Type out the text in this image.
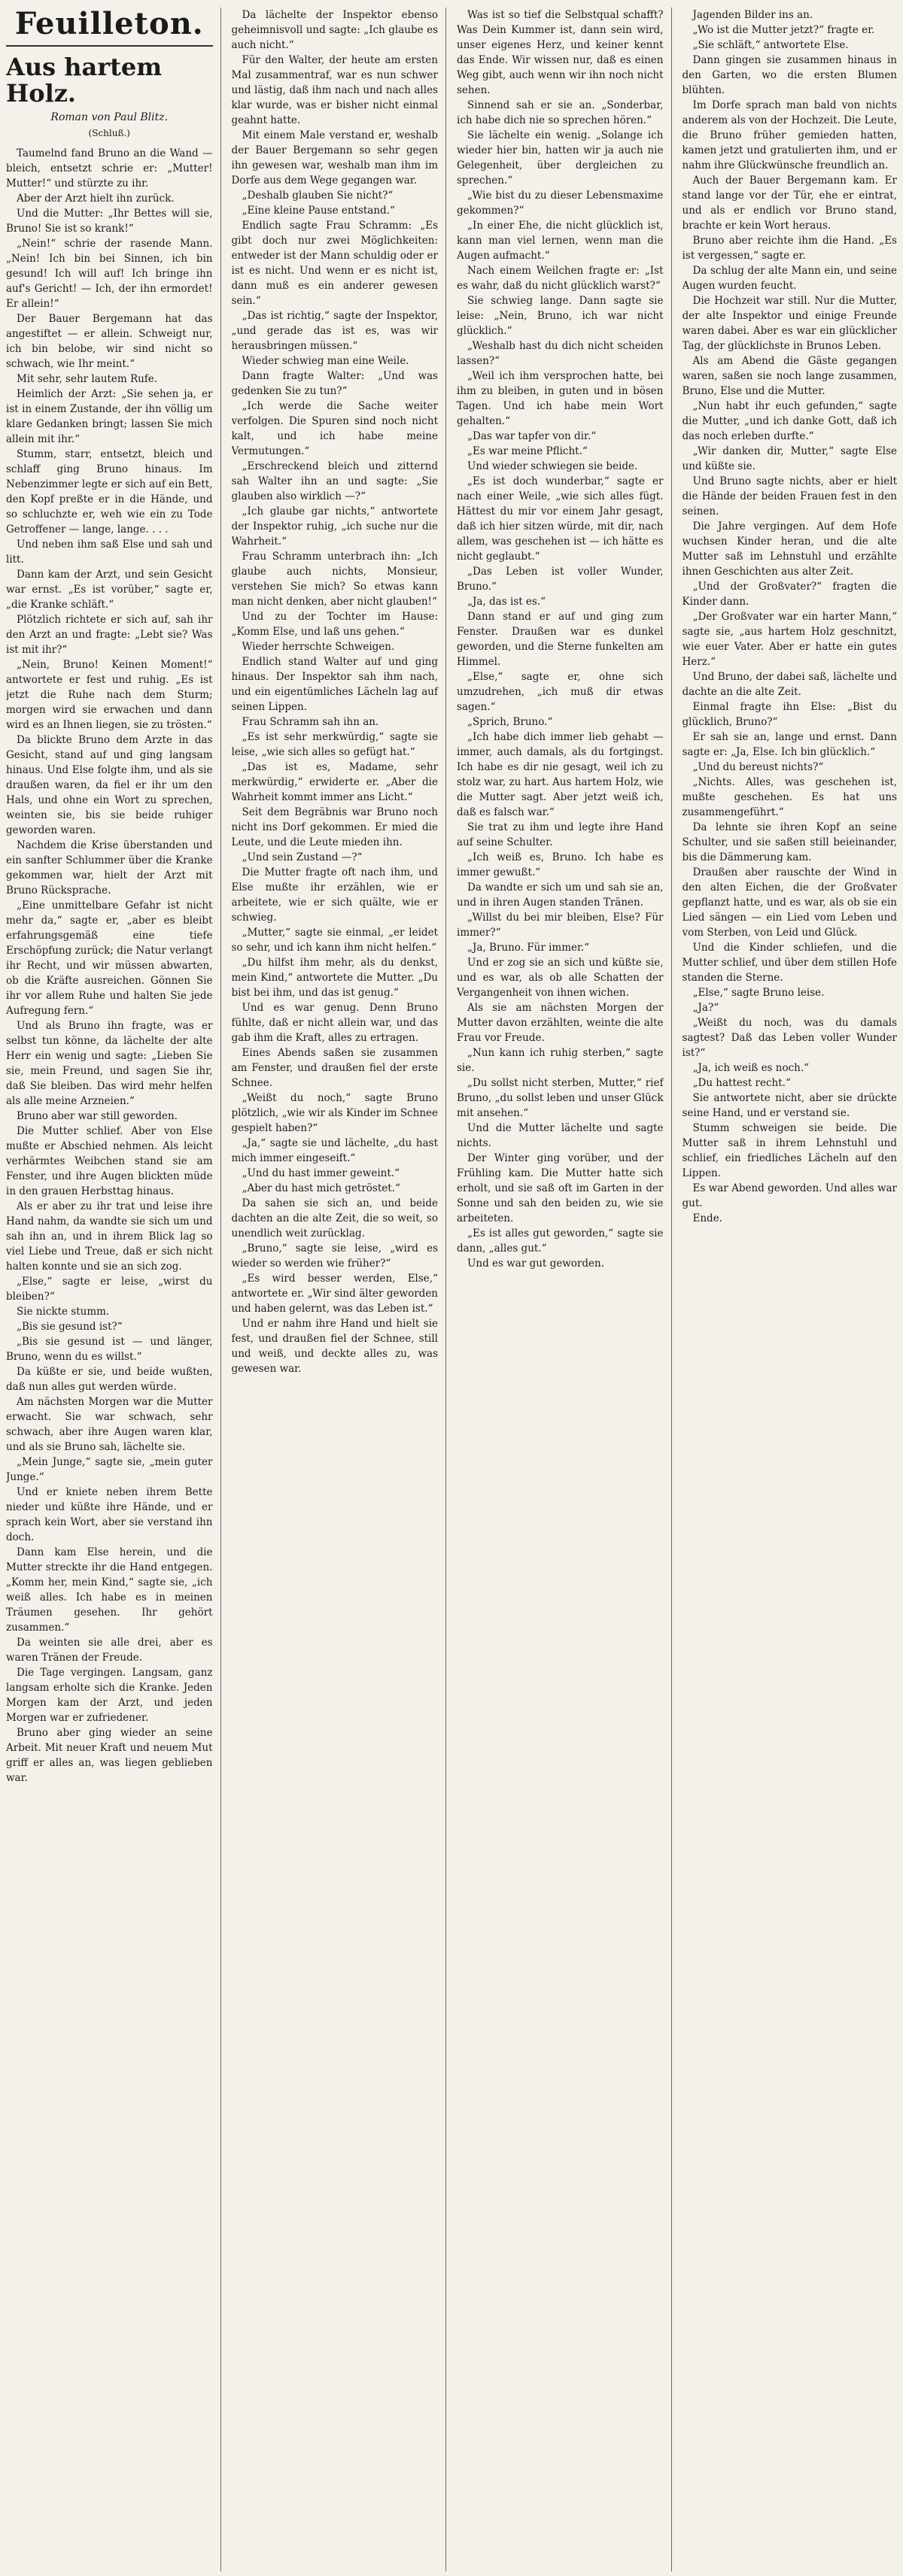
Feuilleton.
Aus hartem Holz.
Roman von Paul Blitz.
(Schluß.)

Taumelnd fand Bruno an die Wand — bleich, entsetzt schrie er: „Mutter! Mutter!“ und stürzte zu ihr.

Aber der Arzt hielt ihn zurück.

Und die Mutter: „Ihr Bettes will sie, Bruno! Sie ist so krank!“

„Nein!“ schrie der rasende Mann. „Nein! Ich bin bei Sinnen, ich bin gesund! Ich will auf! Ich bringe ihn auf's Gericht! — Ich, der ihn ermordet! Er allein!“

Der Bauer Bergemann hat das angestiftet — er allein. Schweigt nur, ich bin belobe, wir sind nicht so schwach, wie Ihr meint.“

Mit sehr, sehr lautem Rufe.

Heimlich der Arzt: „Sie sehen ja, er ist in einem Zustande, der ihn völlig um klare Gedanken bringt; lassen Sie mich allein mit ihr.“

Stumm, starr, entsetzt, bleich und schlaff ging Bruno hinaus. Im Nebenzimmer legte er sich auf ein Bett, den Kopf preßte er in die Hände, und so schluchzte er, weh wie ein zu Tode Getroffener — lange, lange. . . .

Und neben ihm saß Else und sah und litt.

Dann kam der Arzt, und sein Gesicht war ernst. „Es ist vorüber,“ sagte er, „die Kranke schläft.“

Plötzlich richtete er sich auf, sah ihr den Arzt an und fragte: „Lebt sie? Was ist mit ihr?“

„Nein, Bruno! Keinen Moment!“ antwortete er fest und ruhig. „Es ist jetzt die Ruhe nach dem Sturm; morgen wird sie erwachen und dann wird es an Ihnen liegen, sie zu trösten.“

Da blickte Bruno dem Arzte in das Gesicht, stand auf und ging langsam hinaus. Und Else folgte ihm, und als sie draußen waren, da fiel er ihr um den Hals, und ohne ein Wort zu sprechen, weinten sie, bis sie beide ruhiger geworden waren.

Nachdem die Krise überstanden und ein sanfter Schlummer über die Kranke gekommen war, hielt der Arzt mit Bruno Rücksprache.

„Eine unmittelbare Gefahr ist nicht mehr da,“ sagte er, „aber es bleibt erfahrungsgemäß eine tiefe Erschöpfung zurück; die Natur verlangt ihr Recht, und wir müssen abwarten, ob die Kräfte ausreichen. Gönnen Sie ihr vor allem Ruhe und halten Sie jede Aufregung fern.“

Und als Bruno ihn fragte, was er selbst tun könne, da lächelte der alte Herr ein wenig und sagte: „Lieben Sie sie, mein Freund, und sagen Sie ihr, daß Sie bleiben. Das wird mehr helfen als alle meine Arzneien.“

Bruno aber war still geworden.

Die Mutter schlief. Aber von Else mußte er Abschied nehmen. Als leicht verhärmtes Weibchen stand sie am Fenster, und ihre Augen blickten müde in den grauen Herbsttag hinaus.

Als er aber zu ihr trat und leise ihre Hand nahm, da wandte sie sich um und sah ihn an, und in ihrem Blick lag so viel Liebe und Treue, daß er sich nicht halten konnte und sie an sich zog.

„Else,“ sagte er leise, „wirst du bleiben?“

Sie nickte stumm.

„Bis sie gesund ist?“

„Bis sie gesund ist — und länger, Bruno, wenn du es willst.“

Da küßte er sie, und beide wußten, daß nun alles gut werden würde.

Am nächsten Morgen war die Mutter erwacht. Sie war schwach, sehr schwach, aber ihre Augen waren klar, und als sie Bruno sah, lächelte sie.

„Mein Junge,“ sagte sie, „mein guter Junge.“

Und er kniete neben ihrem Bette nieder und küßte ihre Hände, und er sprach kein Wort, aber sie verstand ihn doch.

Dann kam Else herein, und die Mutter streckte ihr die Hand entgegen. „Komm her, mein Kind,“ sagte sie, „ich weiß alles. Ich habe es in meinen Träumen gesehen. Ihr gehört zusammen.“

Da weinten sie alle drei, aber es waren Tränen der Freude.

Die Tage vergingen. Langsam, ganz langsam erholte sich die Kranke. Jeden Morgen kam der Arzt, und jeden Morgen war er zufriedener.

Bruno aber ging wieder an seine Arbeit. Mit neuer Kraft und neuem Mut griff er alles an, was liegen geblieben war.

Da lächelte der Inspektor ebenso geheimnisvoll und sagte: „Ich glaube es auch nicht.“

Für den Walter, der heute am ersten Mal zusammentraf, war es nun schwer und lästig, daß ihm nach und nach alles klar wurde, was er bisher nicht einmal geahnt hatte.

Mit einem Male verstand er, weshalb der Bauer Bergemann so sehr gegen ihn gewesen war, weshalb man ihm im Dorfe aus dem Wege gegangen war.

„Deshalb glauben Sie nicht?“

„Eine kleine Pause entstand.“

Endlich sagte Frau Schramm: „Es gibt doch nur zwei Möglichkeiten: entweder ist der Mann schuldig oder er ist es nicht. Und wenn er es nicht ist, dann muß es ein anderer gewesen sein.“

„Das ist richtig,“ sagte der Inspektor, „und gerade das ist es, was wir herausbringen müssen.“

Wieder schwieg man eine Weile.

Dann fragte Walter: „Und was gedenken Sie zu tun?“

„Ich werde die Sache weiter verfolgen. Die Spuren sind noch nicht kalt, und ich habe meine Vermutungen.“

„Erschreckend bleich und zitternd sah Walter ihn an und sagte: „Sie glauben also wirklich —?“

„Ich glaube gar nichts,“ antwortete der Inspektor ruhig, „ich suche nur die Wahrheit.“

Frau Schramm unterbrach ihn: „Ich glaube auch nichts, Monsieur, verstehen Sie mich? So etwas kann man nicht denken, aber nicht glauben!“

Und zu der Tochter im Hause: „Komm Else, und laß uns gehen.“

Wieder herrschte Schweigen.

Endlich stand Walter auf und ging hinaus. Der Inspektor sah ihm nach, und ein eigentümliches Lächeln lag auf seinen Lippen.

Frau Schramm sah ihn an.

„Es ist sehr merkwürdig,“ sagte sie leise, „wie sich alles so gefügt hat.“

„Das ist es, Madame, sehr merkwürdig,“ erwiderte er. „Aber die Wahrheit kommt immer ans Licht.“

Seit dem Begräbnis war Bruno noch nicht ins Dorf gekommen. Er mied die Leute, und die Leute mieden ihn.

„Und sein Zustand —?“

Die Mutter fragte oft nach ihm, und Else mußte ihr erzählen, wie er arbeitete, wie er sich quälte, wie er schwieg.

„Mutter,“ sagte sie einmal, „er leidet so sehr, und ich kann ihm nicht helfen.“

„Du hilfst ihm mehr, als du denkst, mein Kind,“ antwortete die Mutter. „Du bist bei ihm, und das ist genug.“

Und es war genug. Denn Bruno fühlte, daß er nicht allein war, und das gab ihm die Kraft, alles zu ertragen.

Eines Abends saßen sie zusammen am Fenster, und draußen fiel der erste Schnee.

„Weißt du noch,“ sagte Bruno plötzlich, „wie wir als Kinder im Schnee gespielt haben?“

„Ja,“ sagte sie und lächelte, „du hast mich immer eingeseift.“

„Und du hast immer geweint.“

„Aber du hast mich getröstet.“

Da sahen sie sich an, und beide dachten an die alte Zeit, die so weit, so unendlich weit zurücklag.

„Bruno,“ sagte sie leise, „wird es wieder so werden wie früher?“

„Es wird besser werden, Else,“ antwortete er. „Wir sind älter geworden und haben gelernt, was das Leben ist.“

Und er nahm ihre Hand und hielt sie fest, und draußen fiel der Schnee, still und weiß, und deckte alles zu, was gewesen war.

Was ist so tief die Selbstqual schafft? Was Dein Kummer ist, dann sein wird, unser eigenes Herz, und keiner kennt das Ende. Wir wissen nur, daß es einen Weg gibt, auch wenn wir ihn noch nicht sehen.

Sinnend sah er sie an. „Sonderbar, ich habe dich nie so sprechen hören.“

Sie lächelte ein wenig. „Solange ich wieder hier bin, hatten wir ja auch nie Gelegenheit, über dergleichen zu sprechen.“

„Wie bist du zu dieser Lebensmaxime gekommen?“

„In einer Ehe, die nicht glücklich ist, kann man viel lernen, wenn man die Augen aufmacht.“

Nach einem Weilchen fragte er: „Ist es wahr, daß du nicht glücklich warst?“

Sie schwieg lange. Dann sagte sie leise: „Nein, Bruno, ich war nicht glücklich.“

„Weshalb hast du dich nicht scheiden lassen?“

„Weil ich ihm versprochen hatte, bei ihm zu bleiben, in guten und in bösen Tagen. Und ich habe mein Wort gehalten.“

„Das war tapfer von dir.“

„Es war meine Pflicht.“

Und wieder schwiegen sie beide.

„Es ist doch wunderbar,“ sagte er nach einer Weile, „wie sich alles fügt. Hättest du mir vor einem Jahr gesagt, daß ich hier sitzen würde, mit dir, nach allem, was geschehen ist — ich hätte es nicht geglaubt.“

„Das Leben ist voller Wunder, Bruno.“

„Ja, das ist es.“

Dann stand er auf und ging zum Fenster. Draußen war es dunkel geworden, und die Sterne funkelten am Himmel.

„Else,“ sagte er, ohne sich umzudrehen, „ich muß dir etwas sagen.“

„Sprich, Bruno.“

„Ich habe dich immer lieb gehabt — immer, auch damals, als du fortgingst. Ich habe es dir nie gesagt, weil ich zu stolz war, zu hart. Aus hartem Holz, wie die Mutter sagt. Aber jetzt weiß ich, daß es falsch war.“

Sie trat zu ihm und legte ihre Hand auf seine Schulter.

„Ich weiß es, Bruno. Ich habe es immer gewußt.“

Da wandte er sich um und sah sie an, und in ihren Augen standen Tränen.

„Willst du bei mir bleiben, Else? Für immer?“

„Ja, Bruno. Für immer.“

Und er zog sie an sich und küßte sie, und es war, als ob alle Schatten der Vergangenheit von ihnen wichen.

Als sie am nächsten Morgen der Mutter davon erzählten, weinte die alte Frau vor Freude.

„Nun kann ich ruhig sterben,“ sagte sie.

„Du sollst nicht sterben, Mutter,“ rief Bruno, „du sollst leben und unser Glück mit ansehen.“

Und die Mutter lächelte und sagte nichts.

Der Winter ging vorüber, und der Frühling kam. Die Mutter hatte sich erholt, und sie saß oft im Garten in der Sonne und sah den beiden zu, wie sie arbeiteten.

„Es ist alles gut geworden,“ sagte sie dann, „alles gut.“

Und es war gut geworden.

Jagenden Bilder ins an.

„Wo ist die Mutter jetzt?“ fragte er.

„Sie schläft,“ antwortete Else.

Dann gingen sie zusammen hinaus in den Garten, wo die ersten Blumen blühten.

Im Dorfe sprach man bald von nichts anderem als von der Hochzeit. Die Leute, die Bruno früher gemieden hatten, kamen jetzt und gratulierten ihm, und er nahm ihre Glückwünsche freundlich an.

Auch der Bauer Bergemann kam. Er stand lange vor der Tür, ehe er eintrat, und als er endlich vor Bruno stand, brachte er kein Wort heraus.

Bruno aber reichte ihm die Hand. „Es ist vergessen,“ sagte er.

Da schlug der alte Mann ein, und seine Augen wurden feucht.

Die Hochzeit war still. Nur die Mutter, der alte Inspektor und einige Freunde waren dabei. Aber es war ein glücklicher Tag, der glücklichste in Brunos Leben.

Als am Abend die Gäste gegangen waren, saßen sie noch lange zusammen, Bruno, Else und die Mutter.

„Nun habt ihr euch gefunden,“ sagte die Mutter, „und ich danke Gott, daß ich das noch erleben durfte.“

„Wir danken dir, Mutter,“ sagte Else und küßte sie.

Und Bruno sagte nichts, aber er hielt die Hände der beiden Frauen fest in den seinen.

Die Jahre vergingen. Auf dem Hofe wuchsen Kinder heran, und die alte Mutter saß im Lehnstuhl und erzählte ihnen Geschichten aus alter Zeit.

„Und der Großvater?“ fragten die Kinder dann.

„Der Großvater war ein harter Mann,“ sagte sie, „aus hartem Holz geschnitzt, wie euer Vater. Aber er hatte ein gutes Herz.“

Und Bruno, der dabei saß, lächelte und dachte an die alte Zeit.

Einmal fragte ihn Else: „Bist du glücklich, Bruno?“

Er sah sie an, lange und ernst. Dann sagte er: „Ja, Else. Ich bin glücklich.“

„Und du bereust nichts?“

„Nichts. Alles, was geschehen ist, mußte geschehen. Es hat uns zusammengeführt.“

Da lehnte sie ihren Kopf an seine Schulter, und sie saßen still beieinander, bis die Dämmerung kam.

Draußen aber rauschte der Wind in den alten Eichen, die der Großvater gepflanzt hatte, und es war, als ob sie ein Lied sängen — ein Lied vom Leben und vom Sterben, von Leid und Glück.

Und die Kinder schliefen, und die Mutter schlief, und über dem stillen Hofe standen die Sterne.

„Else,“ sagte Bruno leise.

„Ja?“

„Weißt du noch, was du damals sagtest? Daß das Leben voller Wunder ist?“

„Ja, ich weiß es noch.“

„Du hattest recht.“

Sie antwortete nicht, aber sie drückte seine Hand, und er verstand sie.

Stumm schweigen sie beide. Die Mutter saß in ihrem Lehnstuhl und schlief, ein friedliches Lächeln auf den Lippen.

Es war Abend geworden. Und alles war gut.

Ende.
